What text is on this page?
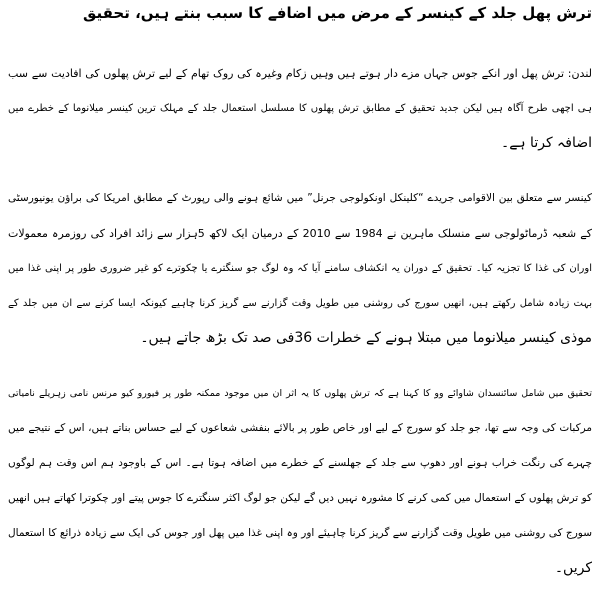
ترش پھل جلد کے کینسر کے مرض میں اضافے کا سبب بنتے ہیں، تحقیق
لندن: ترش پھل اور انکے جوس جہاں مزے دار ہوتے ہیں وہیں زکام وغیرہ کی روک تھام کے لیے ترش پھلوں کی افادیت سے سب
ہی اچھی طرح آگاہ ہیں لیکن جدید تحقیق کے مطابق ترش پھلوں کا مسلسل استعمال جلد کے مہلک ترین کینسر میلانوما کے خطرے میں
اضافہ کرتا ہے۔
کینسر سے متعلق بین الاقوامی جریدے “کلینکل اونکولوجی جرنل” میں شائع ہونے والی رپورٹ کے مطابق امریکا کی براؤن یونیورسٹی
کے شعبہ ڈرماٹولوجی سے منسلک ماہرین نے 1984 سے 2010 کے درمیان ایک لاکھ 5ہزار سے زائد افراد کی روزمرہ معمولات
اوران کی غذا کا تجزیہ کیا۔ تحقیق کے دوران یہ انکشاف سامنے آیا کہ وہ لوگ جو سنگترے یا چکوترے کو غیر ضروری طور پر اپنی غذا میں
بہت زیادہ شامل رکھتے ہیں، انھیں سورج کی روشنی میں طویل وقت گزارنے سے گریز کرنا چاہیے کیونکہ ایسا کرنے سے ان میں جلد کے
موذی کینسر میلانوما میں مبتلا ہونے کے خطرات 36فی صد تک بڑھ جاتے ہیں۔
تحقیق میں شامل سائنسدان شاوائے وو کا کہنا ہے کہ ترش پھلوں کا یہ اثر ان میں موجود ممکنہ طور پر فیورو کیو مرنس نامی زہریلے نامیاتی
مرکبات کی وجہ سے تھا، جو جلد کو سورج کے لیے اور خاص طور پر بالائے بنفشی شعاعوں کے لیے حساس بناتے ہیں، اس کے نتیجے میں
چہرے کی رنگت خراب ہونے اور دھوپ سے جلد کے جھلسنے کے خطرے میں اضافہ ہوتا ہے۔ اس کے باوجود ہم اس وقت ہم لوگوں
کو ترش پھلوں کے استعمال میں کمی کرنے کا مشورہ نہیں دیں گے لیکن جو لوگ اکثر سنگترے کا جوس پیتے اور چکوترا کھاتے ہیں انھیں
سورج کی روشنی میں طویل وقت گزارنے سے گریز کرنا چاہیئے اور وہ اپنی غذا میں پھل اور جوس کی ایک سے زیادہ ذرائع کا استعمال
کریں۔
